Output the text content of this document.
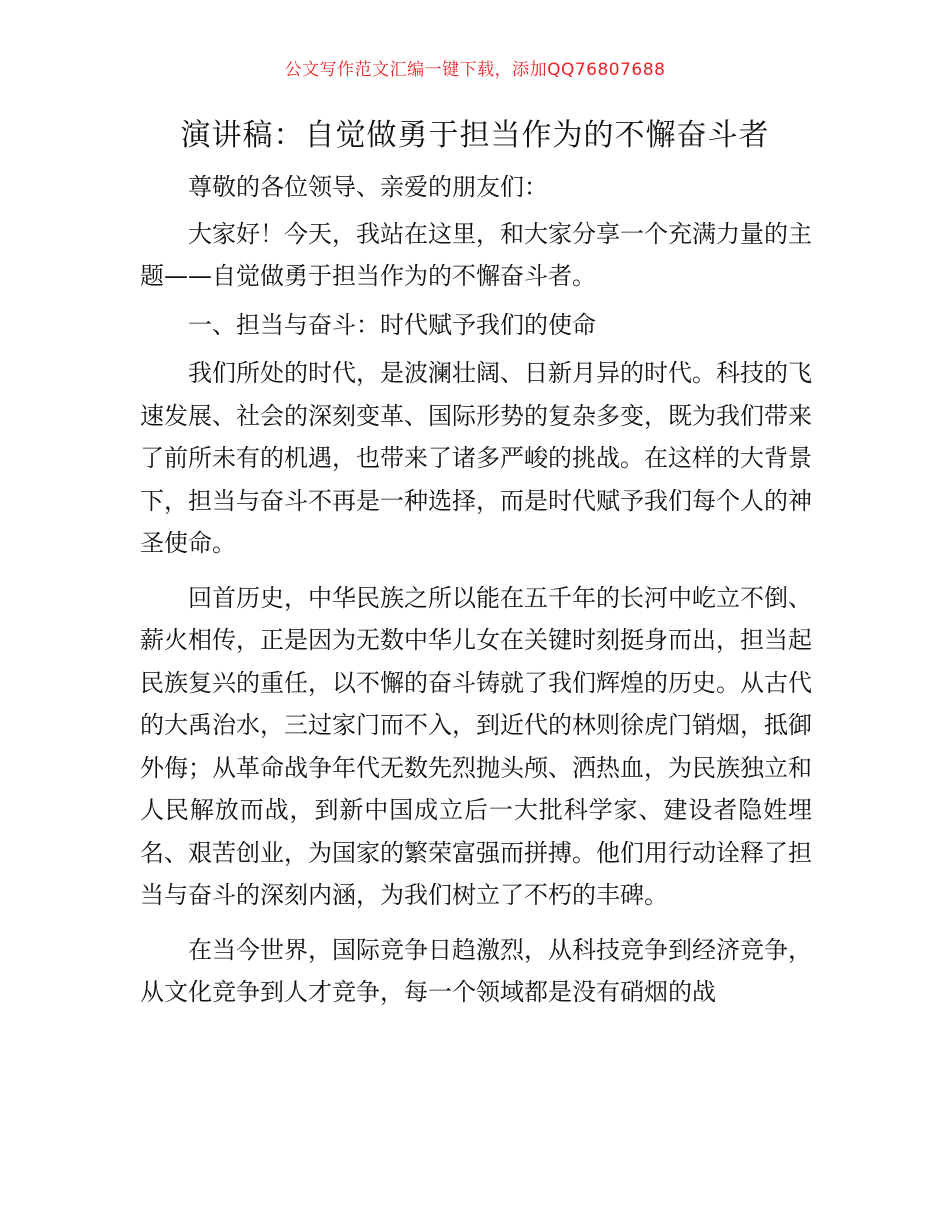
公文写作范文汇编一键下载，添加QQ76807688
演讲稿：自觉做勇于担当作为的不懈奋斗者

尊敬的各位领导、亲爱的朋友们：

大家好！今天，我站在这里，和大家分享一个充满力量的主题——自觉做勇于担当作为的不懈奋斗者。

一、担当与奋斗：时代赋予我们的使命

我们所处的时代，是波澜壮阔、日新月异的时代。科技的飞速发展、社会的深刻变革、国际形势的复杂多变，既为我们带来了前所未有的机遇，也带来了诸多严峻的挑战。在这样的大背景下，担当与奋斗不再是一种选择，而是时代赋予我们每个人的神圣使命。

回首历史，中华民族之所以能在五千年的长河中屹立不倒、薪火相传，正是因为无数中华儿女在关键时刻挺身而出，担当起民族复兴的重任，以不懈的奋斗铸就了我们辉煌的历史。从古代的大禹治水，三过家门而不入，到近代的林则徐虎门销烟，抵御外侮；从革命战争年代无数先烈抛头颅、洒热血，为民族独立和人民解放而战，到新中国成立后一大批科学家、建设者隐姓埋名、艰苦创业，为国家的繁荣富强而拼搏。他们用行动诠释了担当与奋斗的深刻内涵，为我们树立了不朽的丰碑。

在当今世界，国际竞争日趋激烈，从科技竞争到经济竞争，从文化竞争到人才竞争，每一个领域都是没有硝烟的战
